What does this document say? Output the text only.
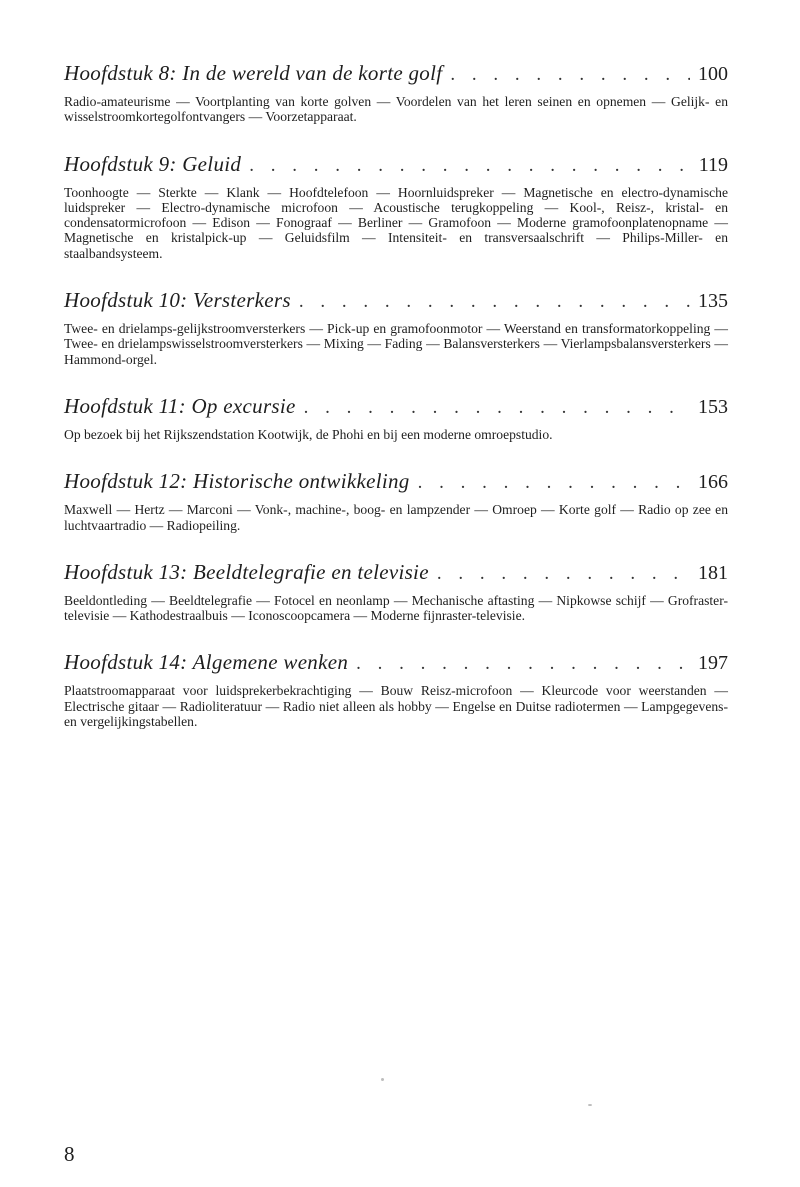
Hoofdstuk 8: In de wereld van de korte golf . . .	100

Radio-amateurisme — Voortplanting van korte golven — Voordelen van het leren seinen en opnemen — Gelijk- en wisselstroomkortegolfontvangers — Voorzetapparaat.

Hoofdstuk 9: Geluid . . .	119

Toonhoogte — Sterkte — Klank — Hoofdtelefoon — Hoornluidspreker — Magnetische en electro-dynamische luidspreker — Electro-dynamische microfoon — Acoustische terugkoppeling — Kool-, Reisz-, kristal- en condensatormicrofoon — Edison — Fonograaf — Berliner — Gramofoon — Moderne gramofoonplatenopname — Magnetische en kristalpick-up — Geluidsfilm — Intensiteit- en transversaalschrift — Philips-Miller- en staalbandsysteem.

Hoofdstuk 10: Versterkers . . .	135

Twee- en drielamps-gelijkstroomversterkers — Pick-up en gramofoonmotor — Weerstand en transformatorkoppeling — Twee- en drielampswisselstroomversterkers — Mixing — Fading — Balansversterkers — Vierlampsbalansversterkers — Hammond-orgel.

Hoofdstuk 11: Op excursie . . .	153

Op bezoek bij het Rijkszendstation Kootwijk, de Phohi en bij een moderne omroepstudio.

Hoofdstuk 12: Historische ontwikkeling . . .	166

Maxwell — Hertz — Marconi — Vonk-, machine-, boog- en lampzender — Omroep — Korte golf — Radio op zee en luchtvaartradio — Radiopeiling.

Hoofdstuk 13: Beeldtelegrafie en televisie . . .	181

Beeldontleding — Beeldtelegrafie — Fotocel en neonlamp — Mechanische aftasting — Nipkowse schijf — Grofraster-televisie — Kathodestraalbuis — Iconoscoopcamera — Moderne fijnraster-televisie.

Hoofdstuk 14: Algemene wenken . . .	197

Plaatstroomapparaat voor luidsprekerbekrachtiging — Bouw Reisz-microfoon — Kleurcode voor weerstanden — Electrische gitaar — Radioliteratuur — Radio niet alleen als hobby — Engelse en Duitse radiotermen — Lampgegevens- en vergelijkingstabellen.

8
